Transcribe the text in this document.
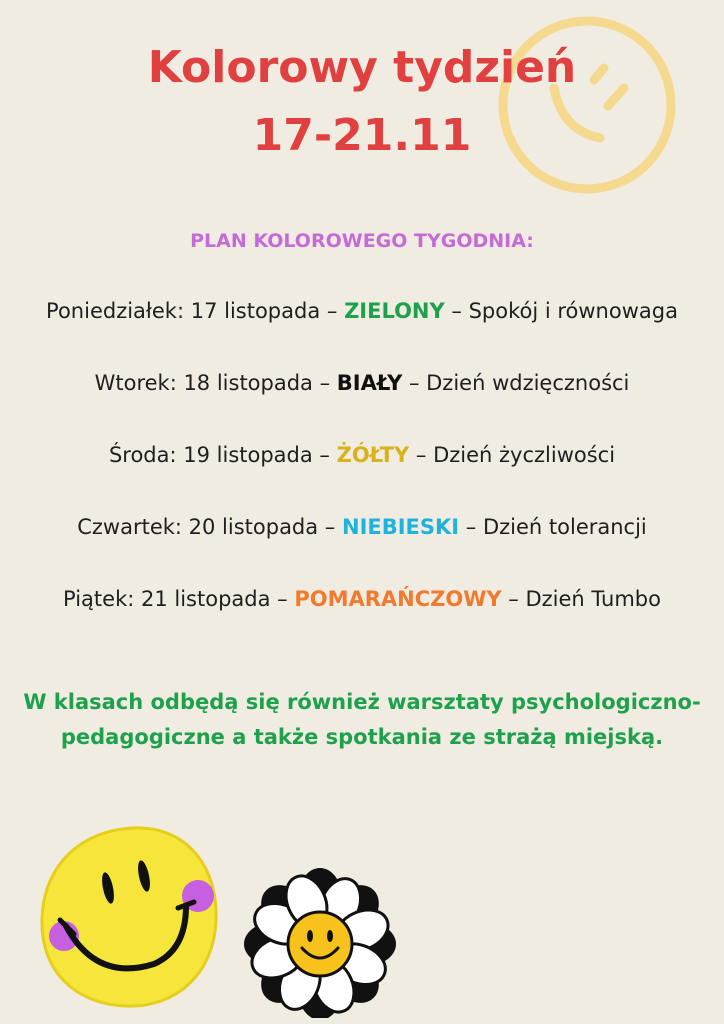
Kolorowy tydzień
17-21.11
PLAN KOLOROWEGO TYGODNIA:
Poniedziałek: 17 listopada – ZIELONY – Spokój i równowaga
Wtorek: 18 listopada – BIAŁY – Dzień wdzięczności
Środa: 19 listopada – ŻÓŁTY – Dzień życzliwości
Czwartek: 20 listopada – NIEBIESKI – Dzień tolerancji
Piątek: 21 listopada – POMARAŃCZOWY – Dzień Tumbo
W klasach odbędą się również warsztaty psychologiczno- pedagogiczne a także spotkania ze strażą miejską.
